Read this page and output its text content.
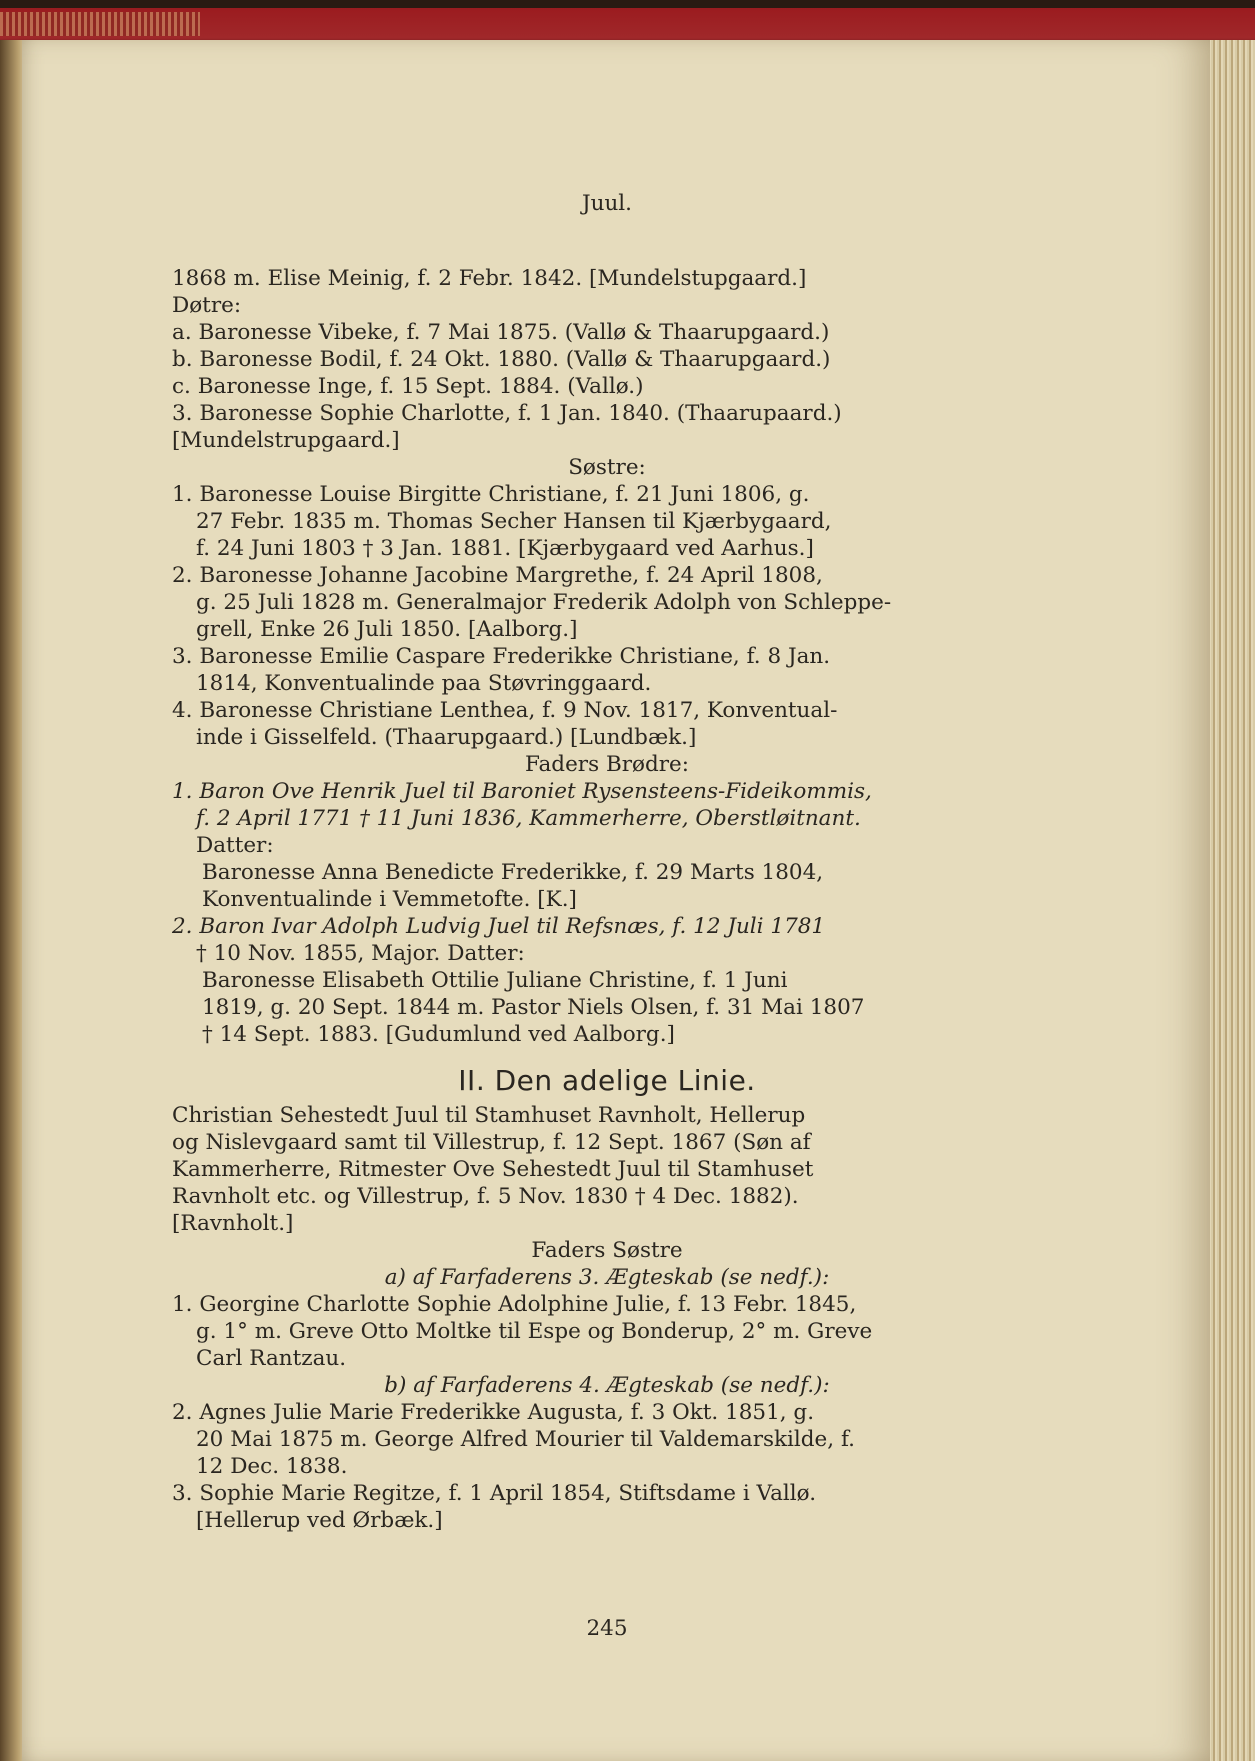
Juul.
1868 m. Elise Meinig, f. 2 Febr. 1842. [Mundelstupgaard.]
Døtre:
a. Baronesse Vibeke, f. 7 Mai 1875. (Vallø & Thaarupgaard.)
b. Baronesse Bodil, f. 24 Okt. 1880. (Vallø & Thaarupgaard.)
c. Baronesse Inge, f. 15 Sept. 1884. (Vallø.)
3. Baronesse Sophie Charlotte, f. 1 Jan. 1840. (Thaarupaard.)
[Mundelstrupgaard.]
Søstre:
1. Baronesse Louise Birgitte Christiane, f. 21 Juni 1806, g.
27 Febr. 1835 m. Thomas Secher Hansen til Kjærbygaard,
f. 24 Juni 1803 † 3 Jan. 1881. [Kjærbygaard ved Aarhus.]
2. Baronesse Johanne Jacobine Margrethe, f. 24 April 1808,
g. 25 Juli 1828 m. Generalmajor Frederik Adolph von Schleppe-
grell, Enke 26 Juli 1850. [Aalborg.]
3. Baronesse Emilie Caspare Frederikke Christiane, f. 8 Jan.
1814, Konventualinde paa Støvringgaard.
4. Baronesse Christiane Lenthea, f. 9 Nov. 1817, Konventual-
inde i Gisselfeld. (Thaarupgaard.) [Lundbæk.]
Faders Brødre:
1. Baron Ove Henrik Juel til Baroniet Rysensteens-Fideikommis,
f. 2 April 1771 † 11 Juni 1836, Kammerherre, Oberstløitnant.
Datter:
Baronesse Anna Benedicte Frederikke, f. 29 Marts 1804,
Konventualinde i Vemmetofte. [K.]
2. Baron Ivar Adolph Ludvig Juel til Refsnæs, f. 12 Juli 1781
† 10 Nov. 1855, Major. Datter:
Baronesse Elisabeth Ottilie Juliane Christine, f. 1 Juni
1819, g. 20 Sept. 1844 m. Pastor Niels Olsen, f. 31 Mai 1807
† 14 Sept. 1883. [Gudumlund ved Aalborg.]
II. Den adelige Linie.
Christian Sehestedt Juul til Stamhuset Ravnholt, Hellerup
og Nislevgaard samt til Villestrup, f. 12 Sept. 1867 (Søn af
Kammerherre, Ritmester Ove Sehestedt Juul til Stamhuset
Ravnholt etc. og Villestrup, f. 5 Nov. 1830 † 4 Dec. 1882).
[Ravnholt.]
Faders Søstre
a) af Farfaderens 3. Ægteskab (se nedf.):
1. Georgine Charlotte Sophie Adolphine Julie, f. 13 Febr. 1845,
g. 1° m. Greve Otto Moltke til Espe og Bonderup, 2° m. Greve
Carl Rantzau.
b) af Farfaderens 4. Ægteskab (se nedf.):
2. Agnes Julie Marie Frederikke Augusta, f. 3 Okt. 1851, g.
20 Mai 1875 m. George Alfred Mourier til Valdemarskilde, f.
12 Dec. 1838.
3. Sophie Marie Regitze, f. 1 April 1854, Stiftsdame i Vallø.
[Hellerup ved Ørbæk.]
245
